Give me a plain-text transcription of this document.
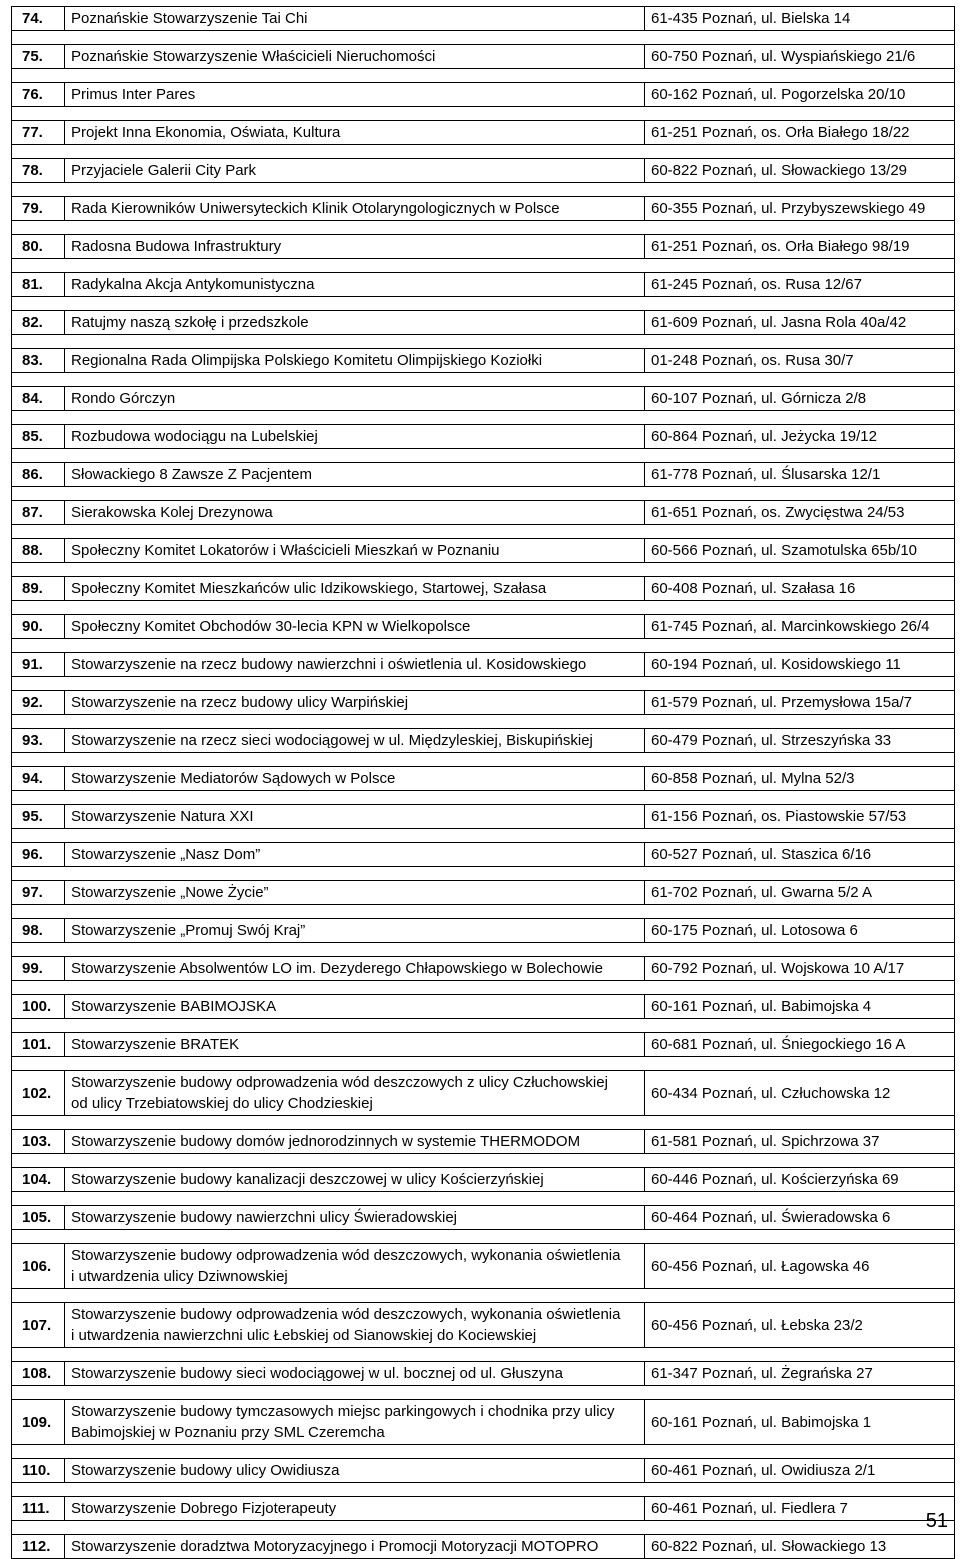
74.	Poznańskie Stowarzyszenie Tai Chi	61-435 Poznań, ul. Bielska 14

75.	Poznańskie Stowarzyszenie Właścicieli Nieruchomości	60-750 Poznań, ul. Wyspiańskiego 21/6

76.	Primus Inter Pares	60-162 Poznań, ul. Pogorzelska 20/10

77.	Projekt Inna Ekonomia, Oświata, Kultura	61-251 Poznań, os. Orła Białego 18/22

78.	Przyjaciele Galerii City Park	60-822 Poznań, ul. Słowackiego 13/29

79.	Rada Kierowników Uniwersyteckich Klinik Otolaryngologicznych w Polsce	60-355 Poznań, ul. Przybyszewskiego 49

80.	Radosna Budowa Infrastruktury	61-251 Poznań, os. Orła Białego 98/19

81.	Radykalna Akcja Antykomunistyczna	61-245 Poznań, os. Rusa 12/67

82.	Ratujmy naszą szkołę i przedszkole	61-609 Poznań, ul. Jasna Rola 40a/42

83.	Regionalna Rada Olimpijska Polskiego Komitetu Olimpijskiego Koziołki	01-248 Poznań, os. Rusa 30/7

84.	Rondo Górczyn	60-107 Poznań, ul. Górnicza 2/8

85.	Rozbudowa wodociągu na Lubelskiej	60-864 Poznań, ul. Jeżycka 19/12

86.	Słowackiego 8 Zawsze Z Pacjentem	61-778 Poznań, ul. Ślusarska 12/1

87.	Sierakowska Kolej Drezynowa	61-651 Poznań, os. Zwycięstwa 24/53

88.	Społeczny Komitet Lokatorów i Właścicieli Mieszkań w Poznaniu	60-566 Poznań, ul. Szamotulska 65b/10

89.	Społeczny Komitet Mieszkańców ulic Idzikowskiego, Startowej, Szałasa	60-408 Poznań, ul. Szałasa 16

90.	Społeczny Komitet Obchodów 30-lecia KPN w Wielkopolsce	61-745 Poznań, al. Marcinkowskiego 26/4

91.	Stowarzyszenie na rzecz budowy nawierzchni i oświetlenia ul. Kosidowskiego	60-194 Poznań, ul. Kosidowskiego 11

92.	Stowarzyszenie na rzecz budowy ulicy Warpińskiej	61-579 Poznań, ul. Przemysłowa 15a/7

93.	Stowarzyszenie na rzecz sieci wodociągowej w ul. Międzyleskiej, Biskupińskiej	60-479 Poznań, ul. Strzeszyńska 33

94.	Stowarzyszenie Mediatorów Sądowych w Polsce	60-858 Poznań, ul. Mylna 52/3

95.	Stowarzyszenie Natura XXI	61-156 Poznań, os. Piastowskie 57/53

96.	Stowarzyszenie „Nasz Dom”	60-527 Poznań, ul. Staszica 6/16

97.	Stowarzyszenie „Nowe Życie”	61-702 Poznań, ul. Gwarna 5/2 A

98.	Stowarzyszenie „Promuj Swój Kraj”	60-175 Poznań, ul. Lotosowa 6

99.	Stowarzyszenie Absolwentów LO im. Dezyderego Chłapowskiego w Bolechowie	60-792 Poznań, ul. Wojskowa 10 A/17

100.	Stowarzyszenie BABIMOJSKA	60-161 Poznań, ul. Babimojska 4

101.	Stowarzyszenie BRATEK	60-681 Poznań, ul. Śniegockiego 16 A

102.	Stowarzyszenie budowy odprowadzenia wód deszczowych z ulicy Człuchowskiej
od ulicy Trzebiatowskiej do ulicy Chodzieskiej	60-434 Poznań, ul. Człuchowska 12

103.	Stowarzyszenie budowy domów jednorodzinnych w systemie THERMODOM	61-581 Poznań, ul. Spichrzowa 37

104.	Stowarzyszenie budowy kanalizacji deszczowej w ulicy Kościerzyńskiej	60-446 Poznań, ul. Kościerzyńska 69

105.	Stowarzyszenie budowy nawierzchni ulicy Świeradowskiej	60-464 Poznań, ul. Świeradowska 6

106.	Stowarzyszenie budowy odprowadzenia wód deszczowych, wykonania oświetlenia
i utwardzenia ulicy Dziwnowskiej	60-456 Poznań, ul. Łagowska 46

107.	Stowarzyszenie budowy odprowadzenia wód deszczowych, wykonania oświetlenia
i utwardzenia nawierzchni ulic Łebskiej od Sianowskiej do Kociewskiej	60-456 Poznań, ul. Łebska 23/2

108.	Stowarzyszenie budowy sieci wodociągowej w ul. bocznej od ul. Głuszyna	61-347 Poznań, ul. Żegrańska 27

109.	Stowarzyszenie budowy tymczasowych miejsc parkingowych i chodnika przy ulicy
Babimojskiej w Poznaniu przy SML Czeremcha	60-161 Poznań, ul. Babimojska 1

110.	Stowarzyszenie budowy ulicy Owidiusza	60-461 Poznań, ul. Owidiusza 2/1

111.	Stowarzyszenie Dobrego Fizjoterapeuty	60-461 Poznań, ul. Fiedlera 7

112.	Stowarzyszenie doradztwa Motoryzacyjnego i Promocji Motoryzacji MOTOPRO	60-822 Poznań, ul. Słowackiego 13
51
